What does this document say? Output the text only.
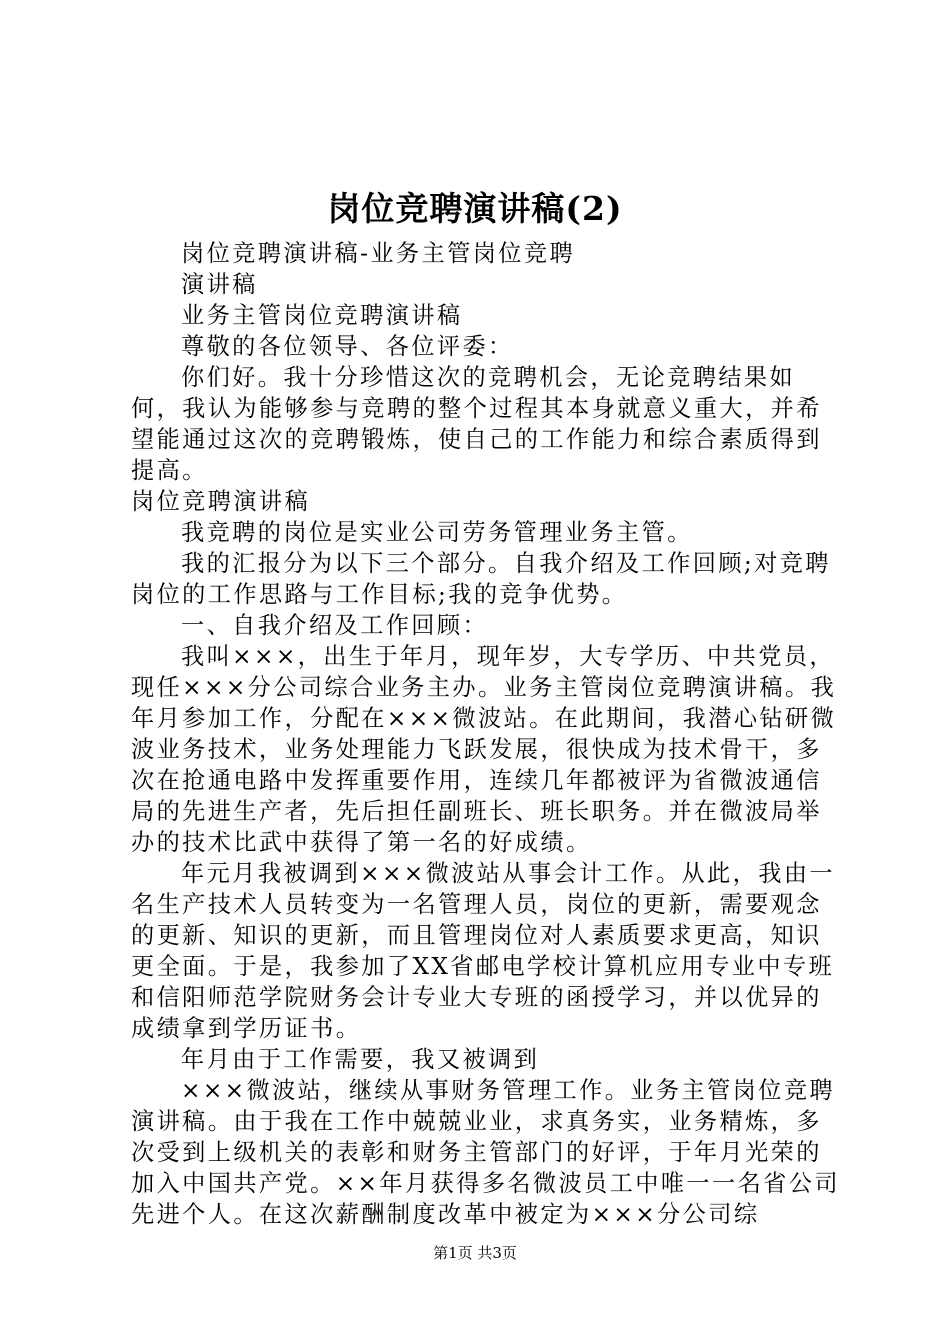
岗位竞聘演讲稿(2)

岗位竞聘演讲稿-业务主管岗位竞聘

演讲稿

业务主管岗位竞聘演讲稿

尊敬的各位领导、各位评委：

你们好。我十分珍惜这次的竞聘机会，无论竞聘结果如何，我认为能够参与竞聘的整个过程其本身就意义重大，并希望能通过这次的竞聘锻炼，使自己的工作能力和综合素质得到提高。

岗位竞聘演讲稿

我竞聘的岗位是实业公司劳务管理业务主管。

我的汇报分为以下三个部分。自我介绍及工作回顾;对竞聘岗位的工作思路与工作目标;我的竞争优势。

一、自我介绍及工作回顾：

我叫×××，出生于年月，现年岁，大专学历、中共党员，现任×××分公司综合业务主办。业务主管岗位竞聘演讲稿。我年月参加工作，分配在×××微波站。在此期间，我潜心钻研微波业务技术，业务处理能力飞跃发展，很快成为技术骨干，多次在抢通电路中发挥重要作用，连续几年都被评为省微波通信局的先进生产者，先后担任副班长、班长职务。并在微波局举办的技术比武中获得了第一名的好成绩。

年元月我被调到×××微波站从事会计工作。从此，我由一名生产技术人员转变为一名管理人员，岗位的更新，需要观念的更新、知识的更新，而且管理岗位对人素质要求更高，知识更全面。于是，我参加了XX省邮电学校计算机应用专业中专班和信阳师范学院财务会计专业大专班的函授学习，并以优异的成绩拿到学历证书。

年月由于工作需要，我又被调到

×××微波站，继续从事财务管理工作。业务主管岗位竞聘演讲稿。由于我在工作中兢兢业业，求真务实，业务精炼，多次受到上级机关的表彰和财务主管部门的好评，于年月光荣的加入中国共产党。××年月获得多名微波员工中唯一一名省公司先进个人。在这次薪酬制度改革中被定为×××分公司综

第1页 共3页
